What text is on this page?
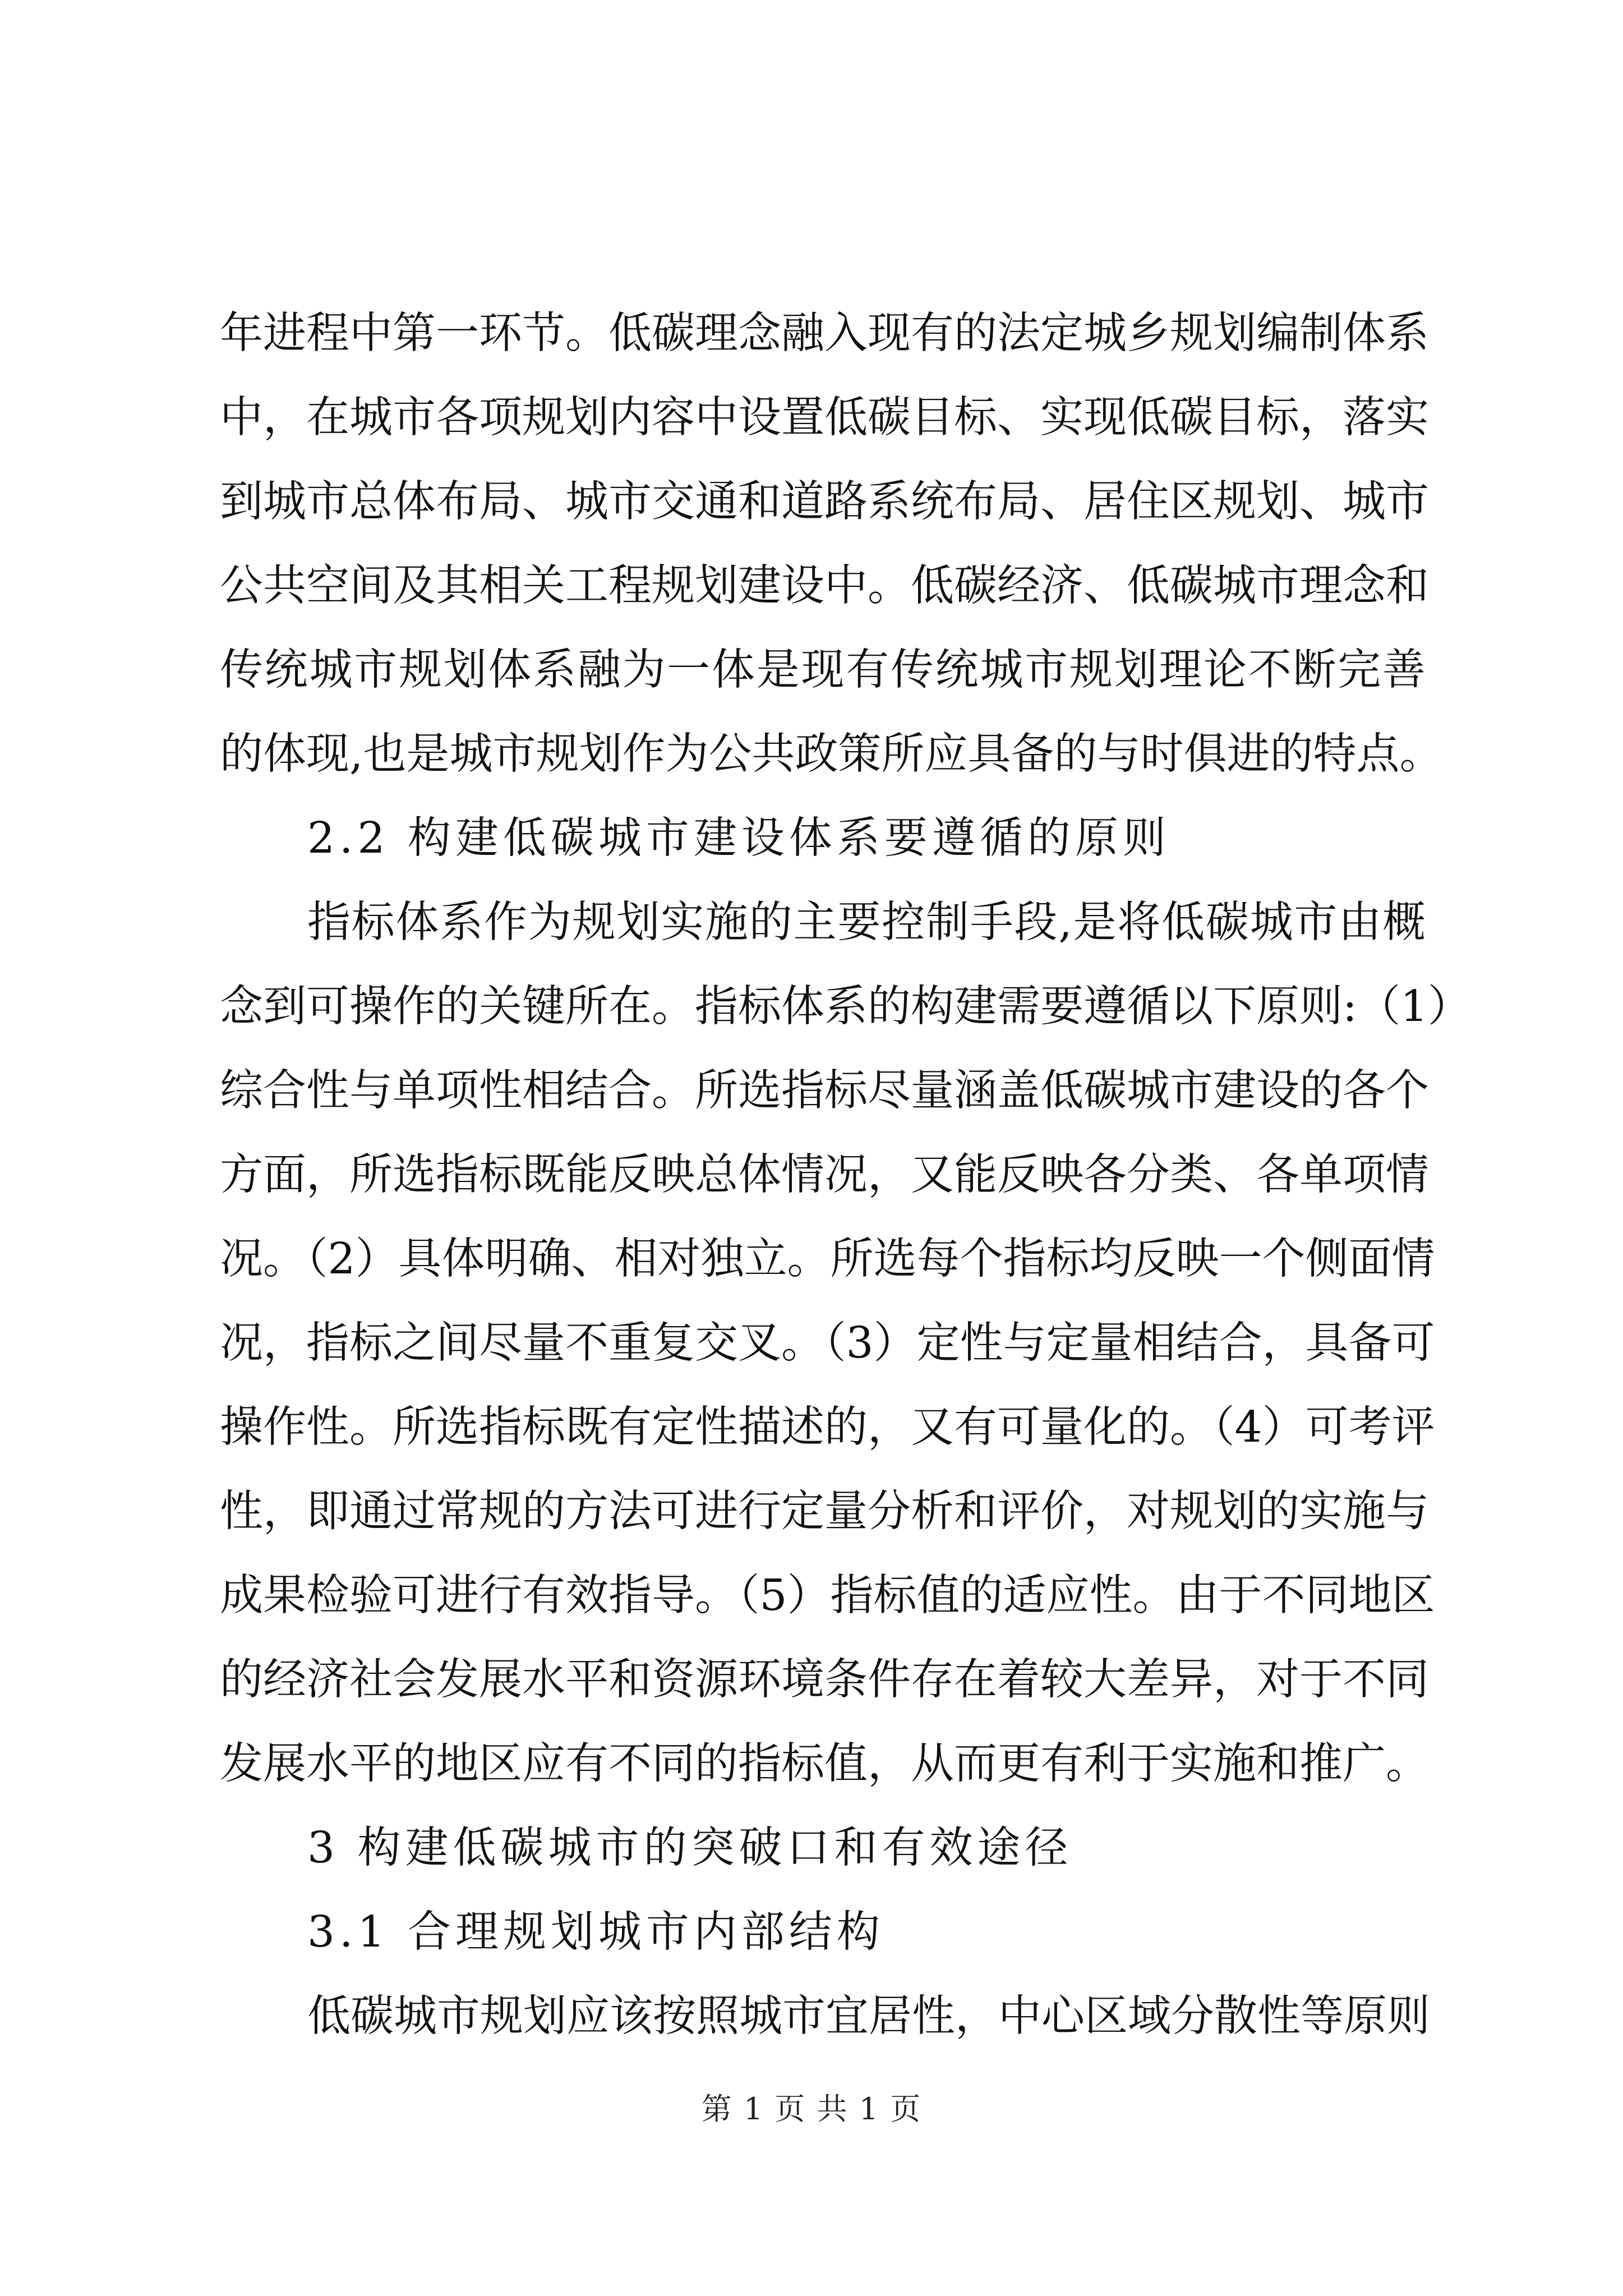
年进程中第一环节。低碳理念融入现有的法定城乡规划编制体系
中，在城市各项规划内容中设置低碳目标、实现低碳目标，落实
到城市总体布局、城市交通和道路系统布局、居住区规划、城市
公共空间及其相关工程规划建设中。低碳经济、低碳城市理念和
传统城市规划体系融为一体是现有传统城市规划理论不断完善
的体现,也是城市规划作为公共政策所应具备的与时俱进的特点。
2.2 构建低碳城市建设体系要遵循的原则
指标体系作为规划实施的主要控制手段,是将低碳城市由概
念到可操作的关键所在。指标体系的构建需要遵循以下原则:（1）
综合性与单项性相结合。所选指标尽量涵盖低碳城市建设的各个
方面，所选指标既能反映总体情况，又能反映各分类、各单项情
况。（2）具体明确、相对独立。所选每个指标均反映一个侧面情
况，指标之间尽量不重复交叉。（3）定性与定量相结合，具备可
操作性。所选指标既有定性描述的，又有可量化的。（4）可考评
性，即通过常规的方法可进行定量分析和评价，对规划的实施与
成果检验可进行有效指导。（5）指标值的适应性。由于不同地区
的经济社会发展水平和资源环境条件存在着较大差异，对于不同
发展水平的地区应有不同的指标值，从而更有利于实施和推广。
3 构建低碳城市的突破口和有效途径
3.1 合理规划城市内部结构
低碳城市规划应该按照城市宜居性，中心区域分散性等原则
第 1 页 共 1 页
